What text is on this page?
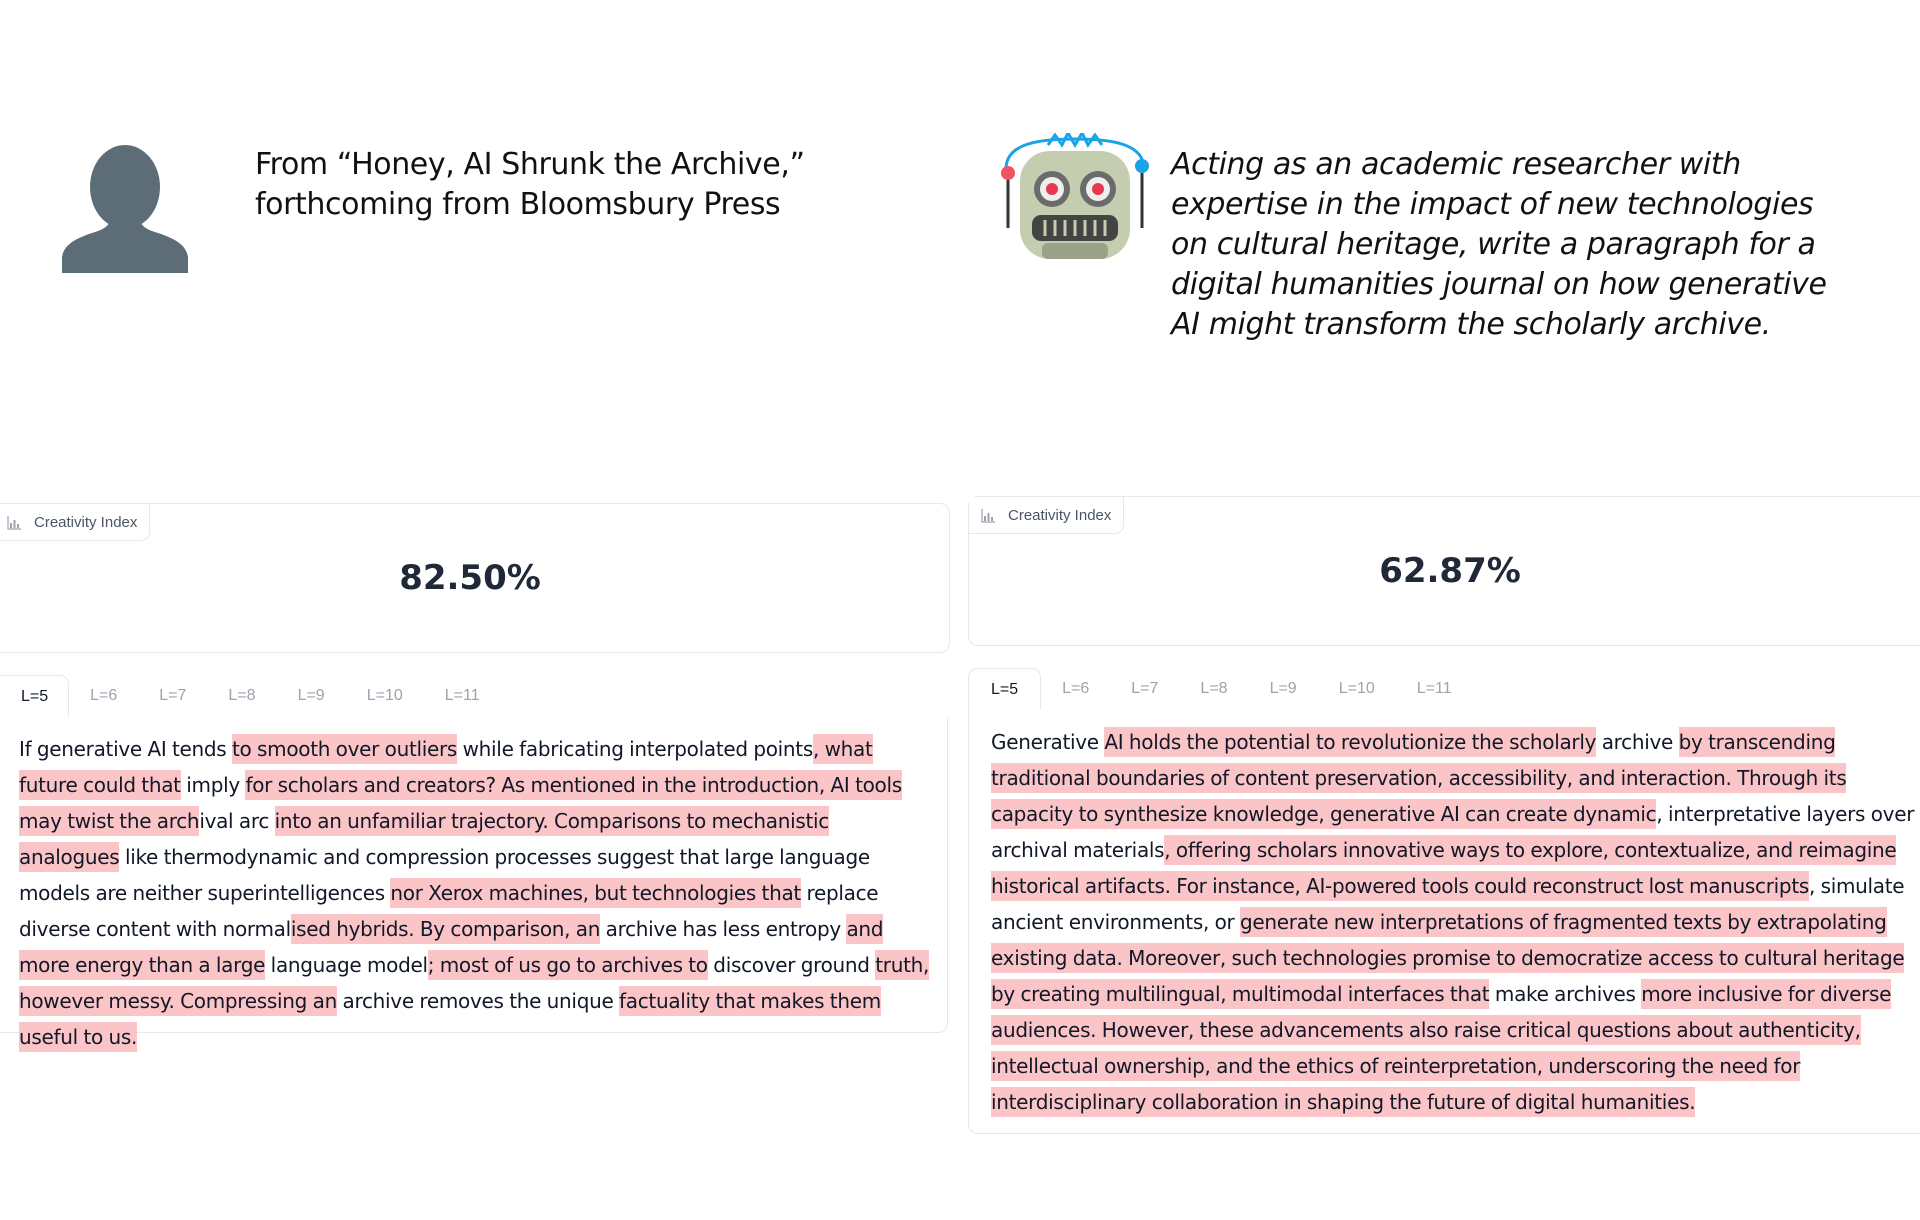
From “Honey, AI Shrunk the Archive,” forthcoming from Bloomsbury Press
Acting as an academic researcher with expertise in the impact of new technologies on cultural heritage, write a paragraph for a digital humanities journal on how generative AI might transform the scholarly archive.
Creativity Index
82.50%
Creativity Index
62.87%
L=5	L=6	L=7	L=8	L=9	L=10	L=11	L=5	L=6	L=7	L=8	L=9	L=10	L=11
If generative AI tends to smooth over outliers while fabricating interpolated points, what future could that imply for scholars and creators? As mentioned in the introduction, AI tools may twist the archival arc into an unfamiliar trajectory. Comparisons to mechanistic analogues like thermodynamic and compression processes suggest that large language models are neither superintelligences nor Xerox machines, but technologies that replace diverse content with normalised hybrids. By comparison, an archive has less entropy and more energy than a large language model; most of us go to archives to discover ground truth, however messy. Compressing an archive removes the unique factuality that makes them useful to us.
Generative AI holds the potential to revolutionize the scholarly archive by transcending traditional boundaries of content preservation, accessibility, and interaction. Through its capacity to synthesize knowledge, generative AI can create dynamic, interpretative layers over archival materials, offering scholars innovative ways to explore, contextualize, and reimagine historical artifacts. For instance, AI-powered tools could reconstruct lost manuscripts, simulate ancient environments, or generate new interpretations of fragmented texts by extrapolating existing data. Moreover, such technologies promise to democratize access to cultural heritage by creating multilingual, multimodal interfaces that make archives more inclusive for diverse audiences. However, these advancements also raise critical questions about authenticity, intellectual ownership, and the ethics of reinterpretation, underscoring the need for interdisciplinary collaboration in shaping the future of digital humanities.
